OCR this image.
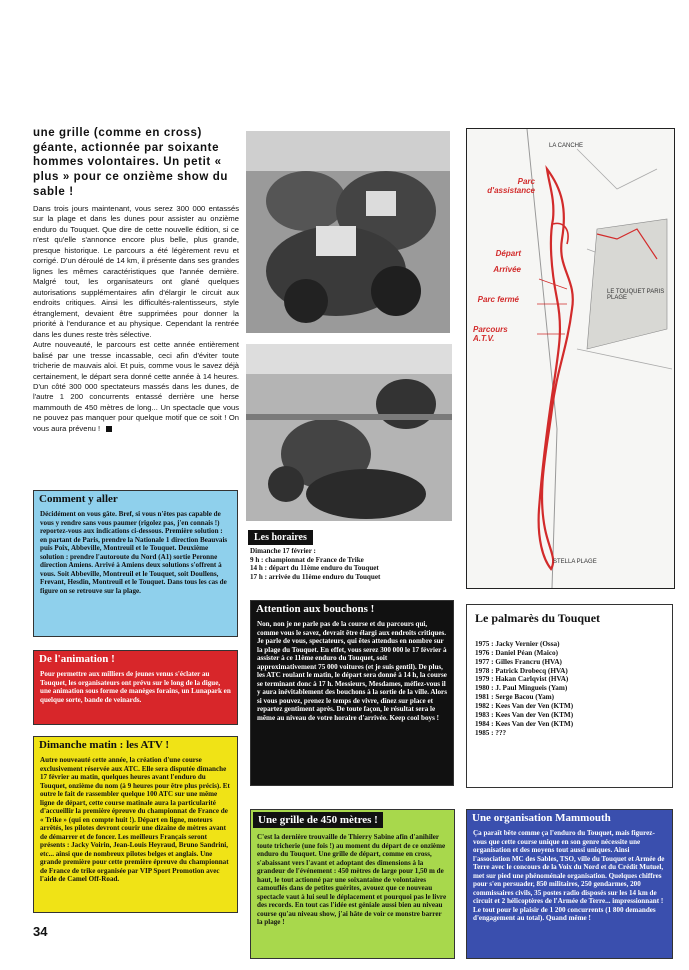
une grille (comme en cross) géante, actionnée par soixante hommes volontaires. Un petit « plus » pour ce onzième show du sable !

Dans trois jours maintenant, vous serez 300 000 entassés sur la plage et dans les dunes pour assister au onzième enduro du Touquet. Que dire de cette nouvelle édition, si ce n'est qu'elle s'annonce encore plus belle, plus grande, presque historique. Le parcours a été légèrement revu et corrigé. D'un déroulé de 14 km, il présente dans ses grandes lignes les mêmes caractéristiques que l'année dernière. Malgré tout, les organisateurs ont glané quelques autorisations supplémentaires afin d'élargir le circuit aux endroits critiques. Ainsi les difficultés-ralentisseurs, style étranglement, devaient être supprimées pour donner la priorité à l'endurance et au physique. Cependant la rentrée dans les dunes reste très sélective.

Autre nouveauté, le parcours est cette année entièrement balisé par une tresse incassable, ceci afin d'éviter toute tricherie de mauvais aloi. Et puis, comme vous le savez déjà certainement, le départ sera donné cette année à 14 heures. D'un côté 300 000 spectateurs massés dans les dunes, de l'autre 1 200 concurrents entassé derrière une herse mammouth de 450 mètres de long... Un spectacle que vous ne pouvez pas manquer pour quelque motif que ce soit ! On vous aura prévenu !

LA CANCHE
LE TOUQUET PARIS PLAGE
STELLA PLAGE
Parc d'assistance
Départ
Arrivée
Parc fermé
Parcours A.T.V.
Comment y aller
Décidément on vous gâte. Bref, si vous n'êtes pas capable de vous y rendre sans vous paumer (rigolez pas, j'en connais !) reportez-vous aux indications ci-dessous. Première solution : en partant de Paris, prendre la Nationale 1 direction Beauvais puis Poix, Abbeville, Montreuil et le Touquet. Deuxième solution : prendre l'autoroute du Nord (A1) sortie Peronne direction Amiens. Arrivé à Amiens deux solutions s'offrent à vous. Soit Abbeville, Montreuil et le Touquet, soit Doullens, Frevant, Hesdin, Montreuil et le Touquet. Dans tous les cas de figure on se retrouve sur la plage.
Les horaires
Dimanche 17 février :
9 h : championnat de France de Trike
14 h : départ du 11ème enduro du Touquet
17 h : arrivée du 11ème enduro du Touquet
De l'animation !
Pour permettre aux milliers de jeunes venus s'éclater au Touquet, les organisateurs ont prévu sur le long de la digue, une animation sous forme de manèges forains, un Lunapark en quelque sorte, bande de veinards.
Attention aux bouchons !
Non, non je ne parle pas de la course et du parcours qui, comme vous le savez, devrait être élargi aux endroits critiques. Je parle de vous, spectateurs, qui êtes attendus en nombre sur la plage du Touquet. En effet, vous serez 300 000 le 17 février à assister à ce 11ème enduro du Touquet, soit approximativement 75 000 voitures (et je suis gentil). De plus, les ATC roulant le matin, le départ sera donné à 14 h, la course se terminant donc à 17 h. Messieurs, Mesdames, méfiez-vous il y aura inévitablement des bouchons à la sortie de la ville. Alors si vous pouvez, prenez le temps de vivre, dînez sur place et repartez gentiment après. De toute façon, le résultat sera le même au niveau de votre horaire d'arrivée. Keep cool boys !
Le palmarès du Touquet
1975 : Jacky Vernier (Ossa)
1976 : Daniel Péan (Maico)
1977 : Gilles Francru (HVA)
1978 : Patrick Drobecq (HVA)
1979 : Hakan Carlqvist (HVA)
1980 : J. Paul Mingueis (Yam)
1981 : Serge Bacou (Yam)
1982 : Kees Van der Ven (KTM)
1983 : Kees Van der Ven (KTM)
1984 : Kees Van der Ven (KTM)
1985 : ???
Dimanche matin : les ATV !
Autre nouveauté cette année, la création d'une course exclusivement réservée aux ATC. Elle sera disputée dimanche 17 février au matin, quelques heures avant l'enduro du Touquet, onzième du nom (à 9 heures pour être plus précis). Et outre le fait de rassembler quelque 100 ATC sur une même ligne de départ, cette course matinale aura la particularité d'accueillir la première épreuve du championnat de France de « Trike » (qui en compte huit !). Départ en ligne, moteurs arrêtés, les pilotes devront courir une dizaine de mètres avant de démarrer et de foncer. Les meilleurs Français seront présents : Jacky Voirin, Jean-Louis Heyraud, Bruno Sandrini, etc... ainsi que de nombreux pilotes belges et anglais. Une grande première pour cette première épreuve du championnat de France de trike organisée par VIP Sport Promotion avec l'aide de Camel Off-Road.
Une grille de 450 mètres !
C'est la dernière trouvaille de Thierry Sabine afin d'anihiler toute tricherie (une fois !) au moment du départ de ce onzième enduro du Touquet. Une grille de départ, comme en cross, s'abaissant vers l'avant et adoptant des dimensions à la grandeur de l'événement : 450 mètres de large pour 1,50 m de haut, le tout actionné par une soixantaine de volontaires camouflés dans de petites guérites, avouez que ce nouveau spectacle vaut à lui seul le déplacement et pourquoi pas le livre des records. En tout cas l'idée est géniale aussi bien au niveau course qu'au niveau show, j'ai hâte de voir ce monstre barrer la plage !
Une organisation Mammouth
Ça paraît bête comme ça l'enduro du Touquet, mais figurez-vous que cette course unique en son genre nécessite une organisation et des moyens tout aussi uniques. Ainsi l'association MC des Sables, TSO, ville du Touquet et Armée de Terre avec le concours de la Voix du Nord et du Crédit Mutuel, met sur pied une phénoménale organisation. Quelques chiffres pour s'en persuader, 850 militaires, 250 gendarmes, 200 commissaires civils, 35 postes radio disposés sur les 14 km de circuit et 2 hélicoptères de l'Armée de Terre... impressionnant ! Le tout pour le plaisir de 1 200 concurrents (1 800 demandes d'engagement au total). Quand même !
34
